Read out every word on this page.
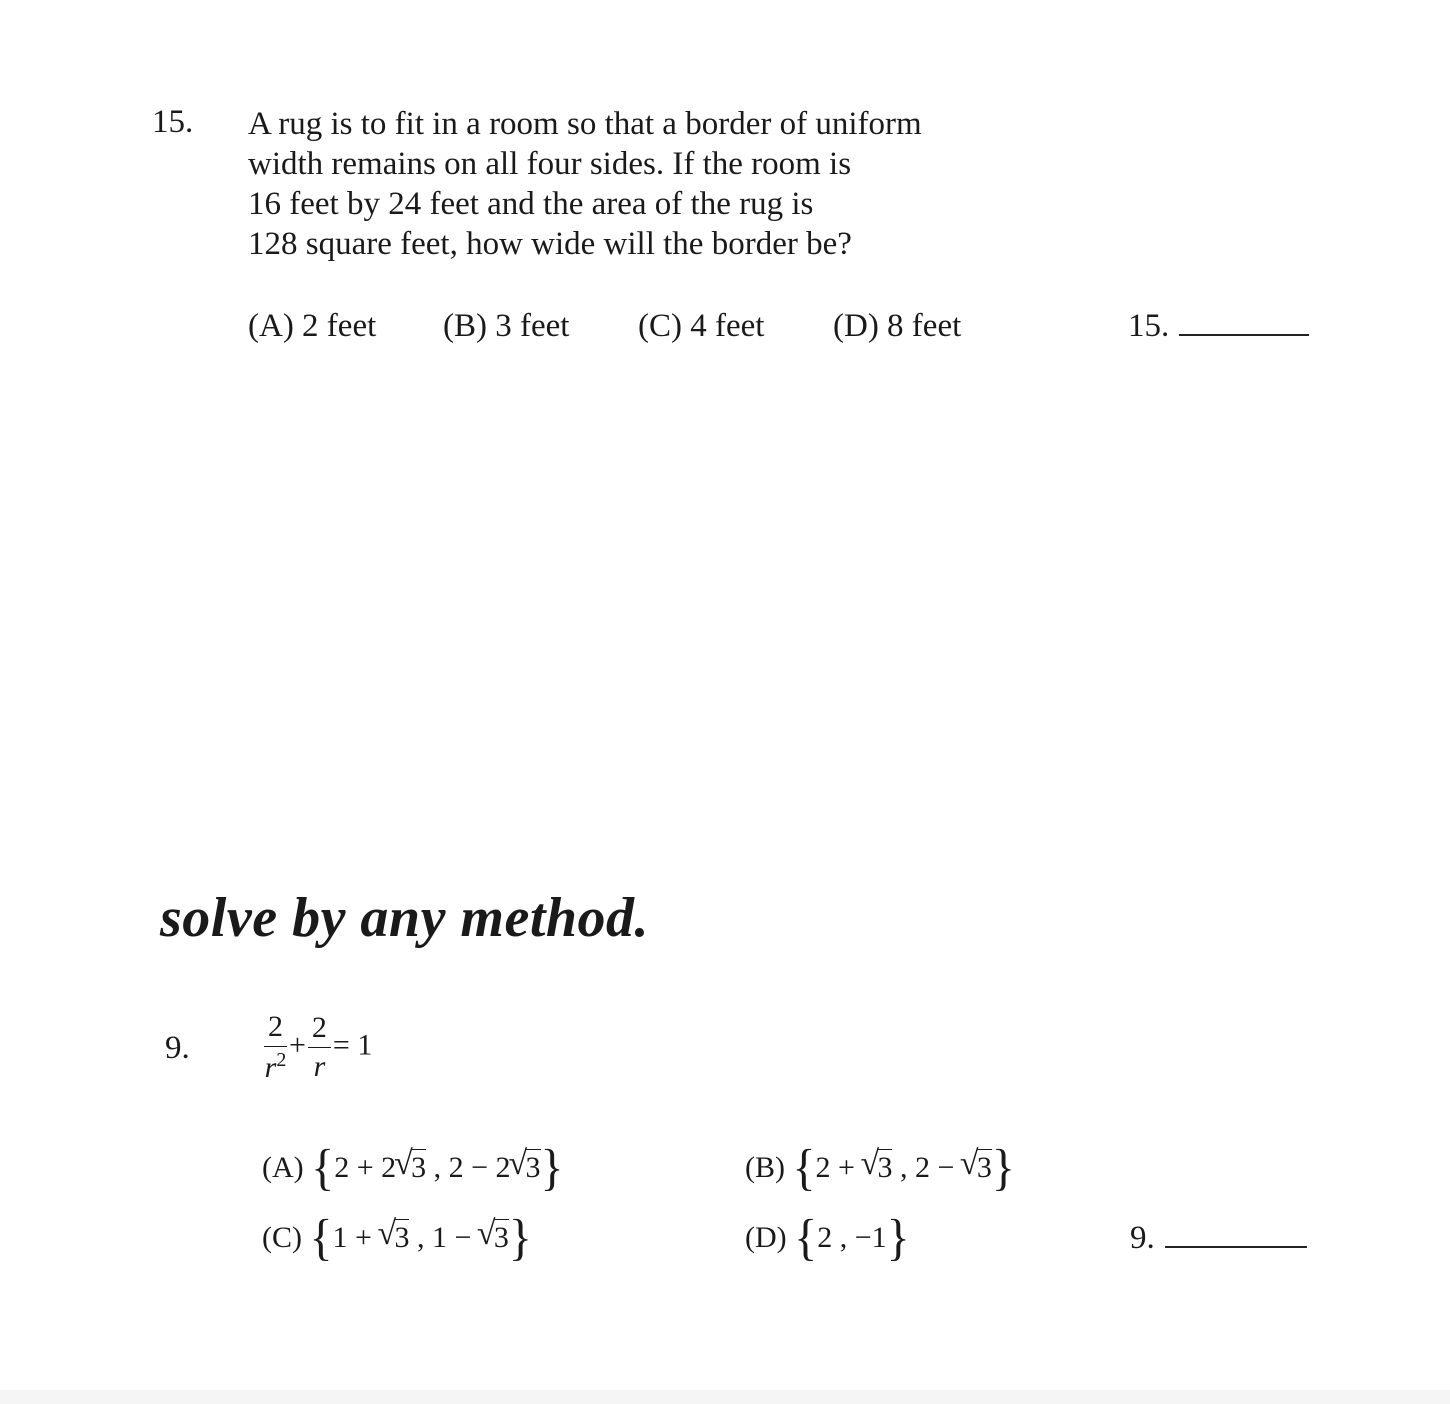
15. A rug is to fit in a room so that a border of uniform
width remains on all four sides. If the room is
16 feet by 24 feet and the area of the rug is
128 square feet, how wide will the border be?
(A) 2 feet (B) 3 feet (C) 4 feet (D) 8 feet	15.
solve by any method.
9. $\frac{2}{r^2} + \frac{2}{r} = 1$
(A) {2 + 2 √ 3 , 2 − 2 √ 3}	(B) {2 + √ 3 , 2 − √ 3}
(C) {1 + √ 3 , 1 − √ 3}	(D) {2 , −1}	9.
